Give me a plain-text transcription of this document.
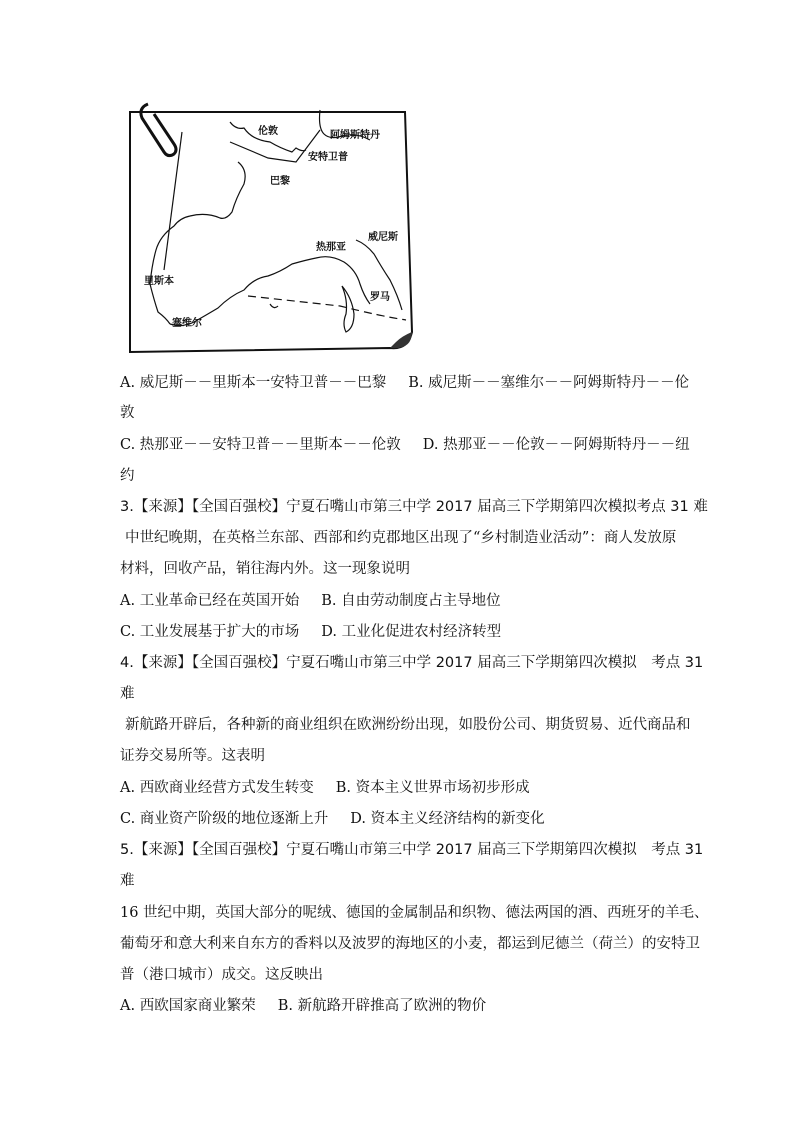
伦敦	阿姆斯特丹
安特卫普
巴黎
热那亚
威尼斯
里斯本
塞维尔
罗马
A. 威尼斯－－里斯本一安特卫普－－巴黎 B. 威尼斯－－塞维尔－－阿姆斯特丹－－伦
敦
C. 热那亚－－安特卫普－－里斯本－－伦敦 D. 热那亚－－伦敦－－阿姆斯特丹－－纽
约
3.【来源】【全国百强校】宁夏石嘴山市第三中学 2017 届高三下学期第四次模拟考点 31 难
中世纪晚期，在英格兰东部、西部和约克郡地区出现了“乡村制造业活动”：商人发放原
材料，回收产品，销往海内外。这一现象说明
A. 工业革命已经在英国开始 B. 自由劳动制度占主导地位
C. 工业发展基于扩大的市场 D. 工业化促进农村经济转型
4.【来源】【全国百强校】宁夏石嘴山市第三中学 2017 届高三下学期第四次模拟　考点 31
难
新航路开辟后，各种新的商业组织在欧洲纷纷出现，如股份公司、期货贸易、近代商品和
证券交易所等。这表明
A. 西欧商业经营方式发生转变 B. 资本主义世界市场初步形成
C. 商业资产阶级的地位逐渐上升 D. 资本主义经济结构的新变化
5.【来源】【全国百强校】宁夏石嘴山市第三中学 2017 届高三下学期第四次模拟　考点 31
难
16 世纪中期，英国大部分的呢绒、德国的金属制品和织物、德法两国的酒、西班牙的羊毛、
葡萄牙和意大利来自东方的香料以及波罗的海地区的小麦，都运到尼德兰（荷兰）的安特卫
普（港口城市）成交。这反映出
A. 西欧国家商业繁荣 B. 新航路开辟推高了欧洲的物价
